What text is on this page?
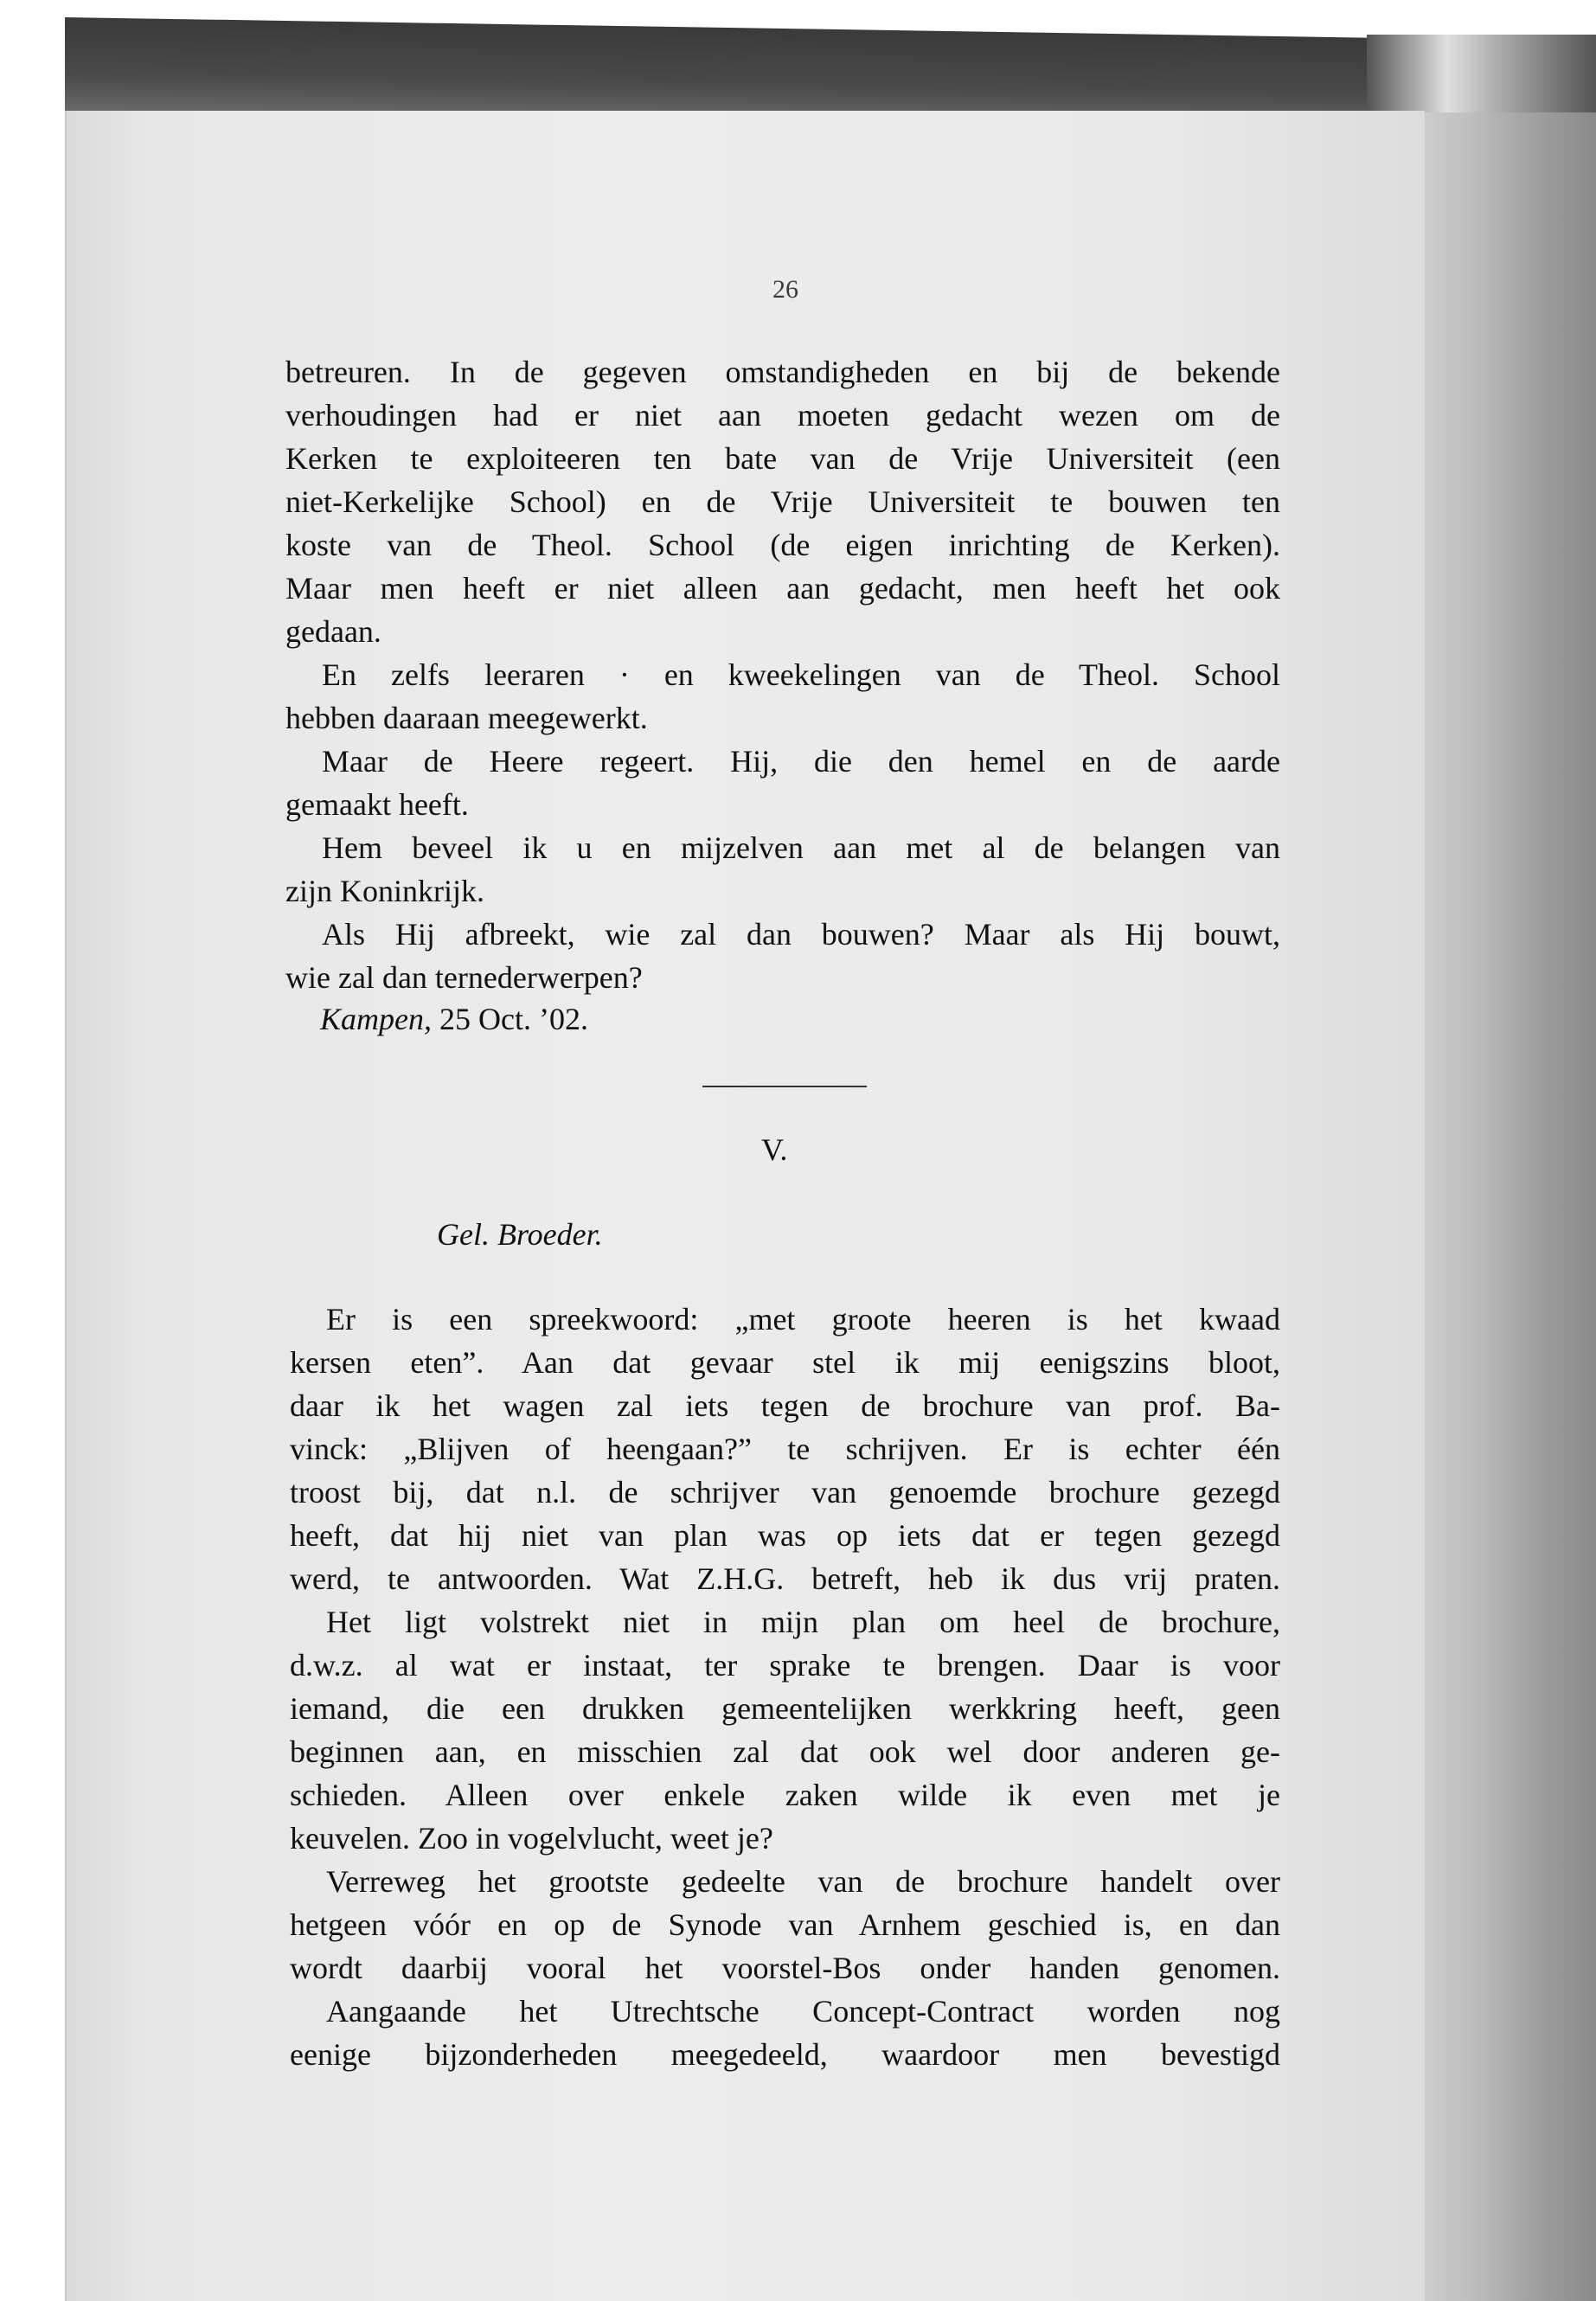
26
betreuren. In de gegeven omstandigheden en bij de bekende
verhoudingen had er niet aan moeten gedacht wezen om de
Kerken te exploiteeren ten bate van de Vrije Universiteit (een
niet-Kerkelijke School) en de Vrije Universiteit te bouwen ten
koste van de Theol. School (de eigen inrichting de Kerken).
Maar men heeft er niet alleen aan gedacht, men heeft het ook
gedaan.
En zelfs leeraren · en kweekelingen van de Theol. School
hebben daaraan meegewerkt.
Maar de Heere regeert. Hij, die den hemel en de aarde
gemaakt heeft.
Hem beveel ik u en mijzelven aan met al de belangen van
zijn Koninkrijk.
Als Hij afbreekt, wie zal dan bouwen? Maar als Hij bouwt,
wie zal dan ternederwerpen?
Kampen, 25 Oct. ’02.
V.
Gel. Broeder.
Er is een spreekwoord: „met groote heeren is het kwaad
kersen eten”. Aan dat gevaar stel ik mij eenigszins bloot,
daar ik het wagen zal iets tegen de brochure van prof. Ba-
vinck: „Blijven of heengaan?” te schrijven. Er is echter één
troost bij, dat n.l. de schrijver van genoemde brochure gezegd
heeft, dat hij niet van plan was op iets dat er tegen gezegd
werd, te antwoorden. Wat Z.H.G. betreft, heb ik dus vrij praten.
Het ligt volstrekt niet in mijn plan om heel de brochure,
d.w.z. al wat er instaat, ter sprake te brengen. Daar is voor
iemand, die een drukken gemeentelijken werkkring heeft, geen
beginnen aan, en misschien zal dat ook wel door anderen ge-
schieden. Alleen over enkele zaken wilde ik even met je
keuvelen. Zoo in vogelvlucht, weet je?
Verreweg het grootste gedeelte van de brochure handelt over
hetgeen vóór en op de Synode van Arnhem geschied is, en dan
wordt daarbij vooral het voorstel-Bos onder handen genomen.
Aangaande het Utrechtsche Concept-Contract worden nog
eenige bijzonderheden meegedeeld, waardoor men bevestigd
